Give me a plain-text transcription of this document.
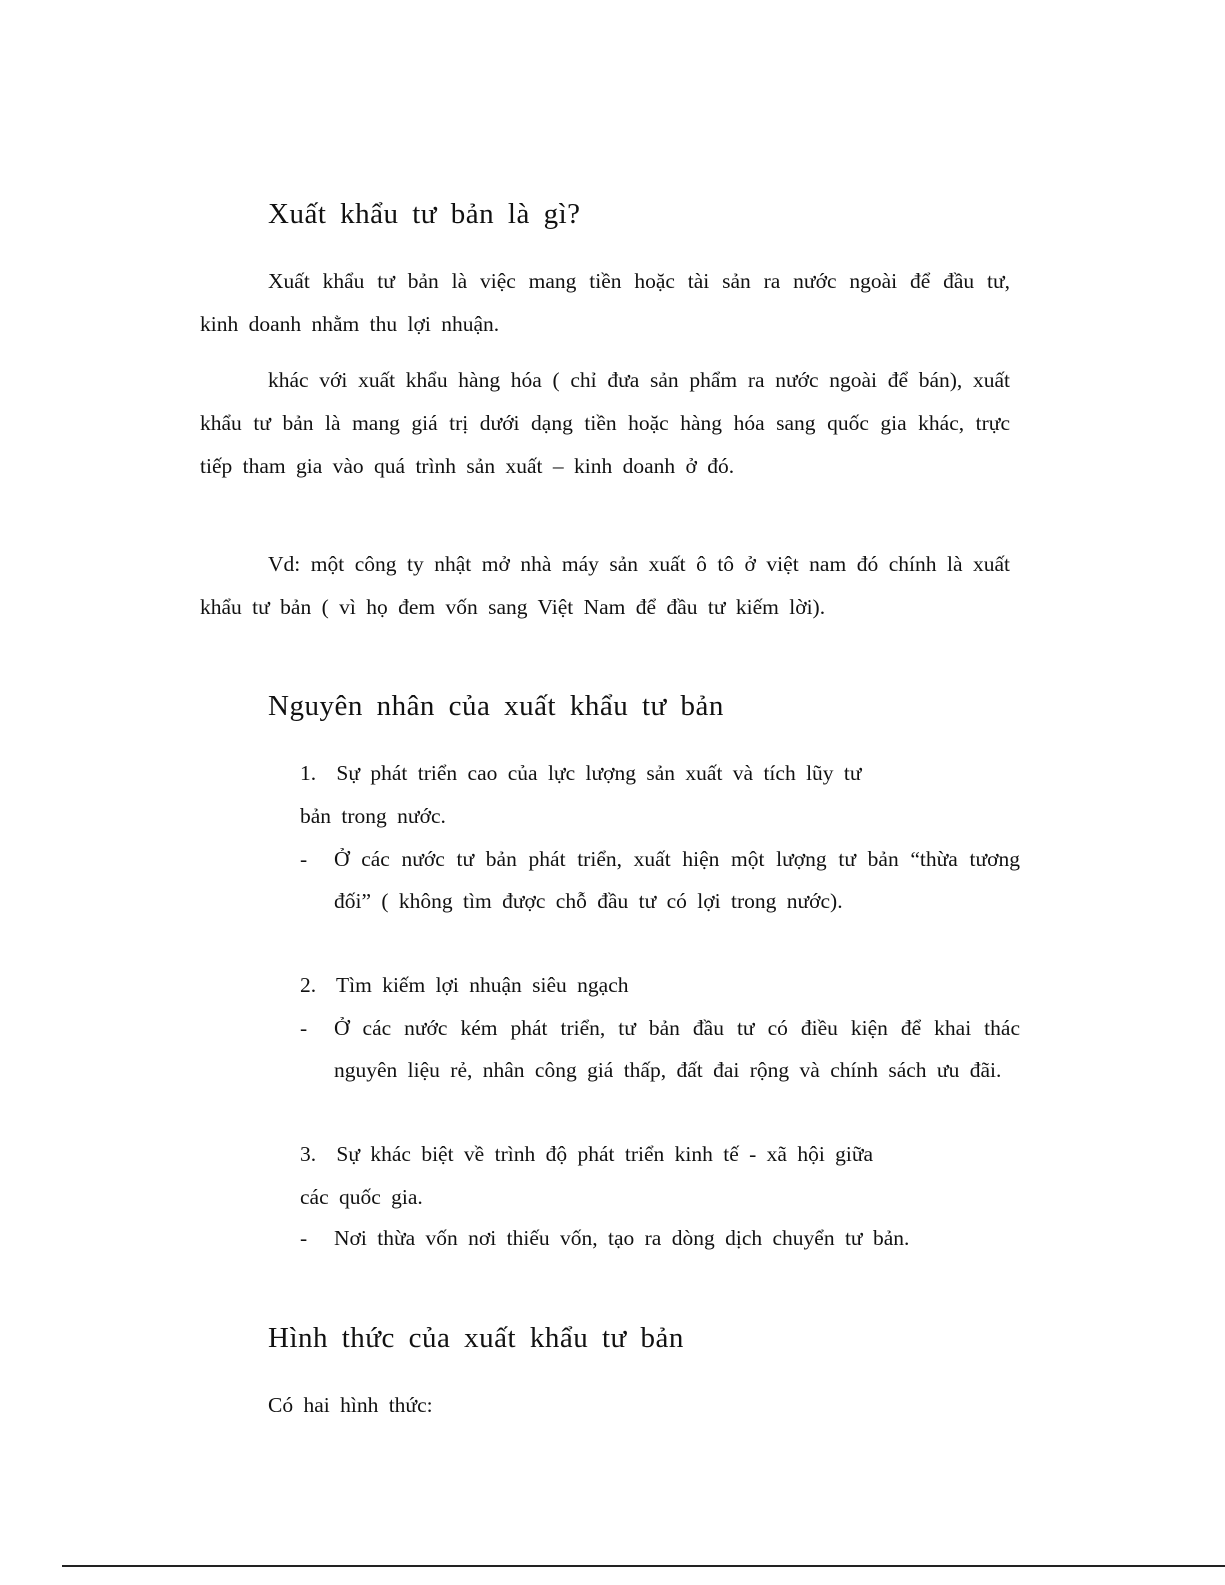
Xuất khẩu tư bản là gì?

Xuất khẩu tư bản là việc mang tiền hoặc tài sản ra nước ngoài để đầu tư, kinh doanh nhằm thu lợi nhuận.

khác với xuất khẩu hàng hóa ( chỉ đưa sản phẩm ra nước ngoài để bán), xuất khẩu tư bản là mang giá trị dưới dạng tiền hoặc hàng hóa sang quốc gia khác, trực tiếp tham gia vào quá trình sản xuất – kinh doanh ở đó.

Vd: một công ty nhật mở nhà máy sản xuất ô tô ở việt nam đó chính là xuất khẩu tư bản ( vì họ đem vốn sang Việt Nam để đầu tư kiếm lời).

Nguyên nhân của xuất khẩu tư bản
1. Sự phát triển cao của lực lượng sản xuất và tích lũy tư bản trong nước.
- Ở các nước tư bản phát triển, xuất hiện một lượng tư bản “thừa tương đối” ( không tìm được chỗ đầu tư có lợi trong nước).
2. Tìm kiếm lợi nhuận siêu ngạch
- Ở các nước kém phát triển, tư bản đầu tư có điều kiện để khai thác nguyên liệu rẻ, nhân công giá thấp, đất đai rộng và chính sách ưu đãi.
3. Sự khác biệt về trình độ phát triển kinh tế - xã hội giữa các quốc gia.
- Nơi thừa vốn nơi thiếu vốn, tạo ra dòng dịch chuyển tư bản.
Hình thức của xuất khẩu tư bản

Có hai hình thức:
